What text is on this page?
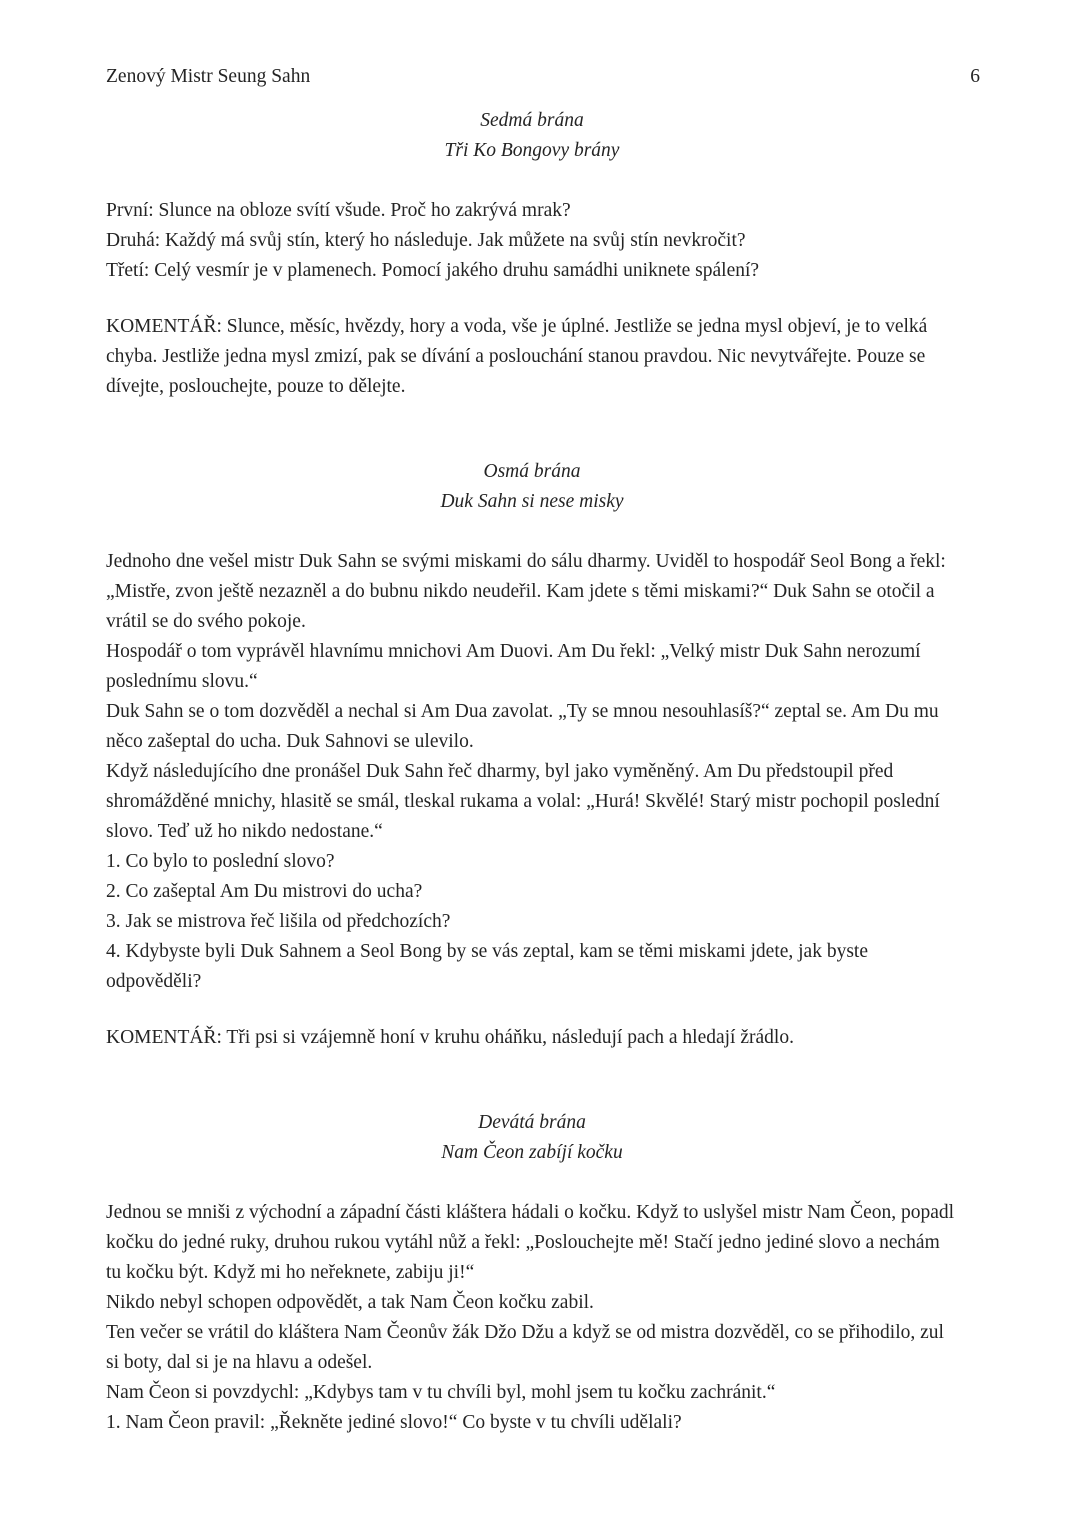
Zenový Mistr Seung Sahn	6
Sedmá brána
Tři Ko Bongovy brány

První: Slunce na obloze svítí všude. Proč ho zakrývá mrak?

Druhá: Každý má svůj stín, který ho následuje. Jak můžete na svůj stín nevkročit?

Třetí: Celý vesmír je v plamenech. Pomocí jakého druhu samádhi uniknete spálení?

KOMENTÁŘ: Slunce, měsíc, hvězdy, hory a voda, vše je úplné. Jestliže se jedna mysl objeví, je to velká chyba. Jestliže jedna mysl zmizí, pak se dívání a poslouchání stanou pravdou. Nic nevytvářejte. Pouze se dívejte, poslouchejte, pouze to dělejte.

Osmá brána
Duk Sahn si nese misky

Jednoho dne vešel mistr Duk Sahn se svými miskami do sálu dharmy. Uviděl to hospodář Seol Bong a řekl: „Mistře, zvon ještě nezazněl a do bubnu nikdo neudeřil. Kam jdete s těmi miskami?“ Duk Sahn se otočil a vrátil se do svého pokoje.

Hospodář o tom vyprávěl hlavnímu mnichovi Am Duovi. Am Du řekl: „Velký mistr Duk Sahn nerozumí poslednímu slovu.“

Duk Sahn se o tom dozvěděl a nechal si Am Dua zavolat. „Ty se mnou nesouhlasíš?“ zeptal se. Am Du mu něco zašeptal do ucha. Duk Sahnovi se ulevilo.

Když následujícího dne pronášel Duk Sahn řeč dharmy, byl jako vyměněný. Am Du předstoupil před shromážděné mnichy, hlasitě se smál, tleskal rukama a volal: „Hurá! Skvělé! Starý mistr pochopil poslední slovo. Teď už ho nikdo nedostane.“

1. Co bylo to poslední slovo?

2. Co zašeptal Am Du mistrovi do ucha?

3. Jak se mistrova řeč lišila od předchozích?

4. Kdybyste byli Duk Sahnem a Seol Bong by se vás zeptal, kam se těmi miskami jdete, jak byste odpověděli?

KOMENTÁŘ: Tři psi si vzájemně honí v kruhu oháňku, následují pach a hledají žrádlo.

Devátá brána
Nam Čeon zabíjí kočku

Jednou se mniši z východní a západní části kláštera hádali o kočku. Když to uslyšel mistr Nam Čeon, popadl kočku do jedné ruky, druhou rukou vytáhl nůž a řekl: „Poslouchejte mě! Stačí jedno jediné slovo a nechám tu kočku být. Když mi ho neřeknete, zabiju ji!“

Nikdo nebyl schopen odpovědět, a tak Nam Čeon kočku zabil.

Ten večer se vrátil do kláštera Nam Čeonův žák Džo Džu a když se od mistra dozvěděl, co se přihodilo, zul si boty, dal si je na hlavu a odešel.

Nam Čeon si povzdychl: „Kdybys tam v tu chvíli byl, mohl jsem tu kočku zachránit.“

1. Nam Čeon pravil: „Řekněte jediné slovo!“ Co byste v tu chvíli udělali?
